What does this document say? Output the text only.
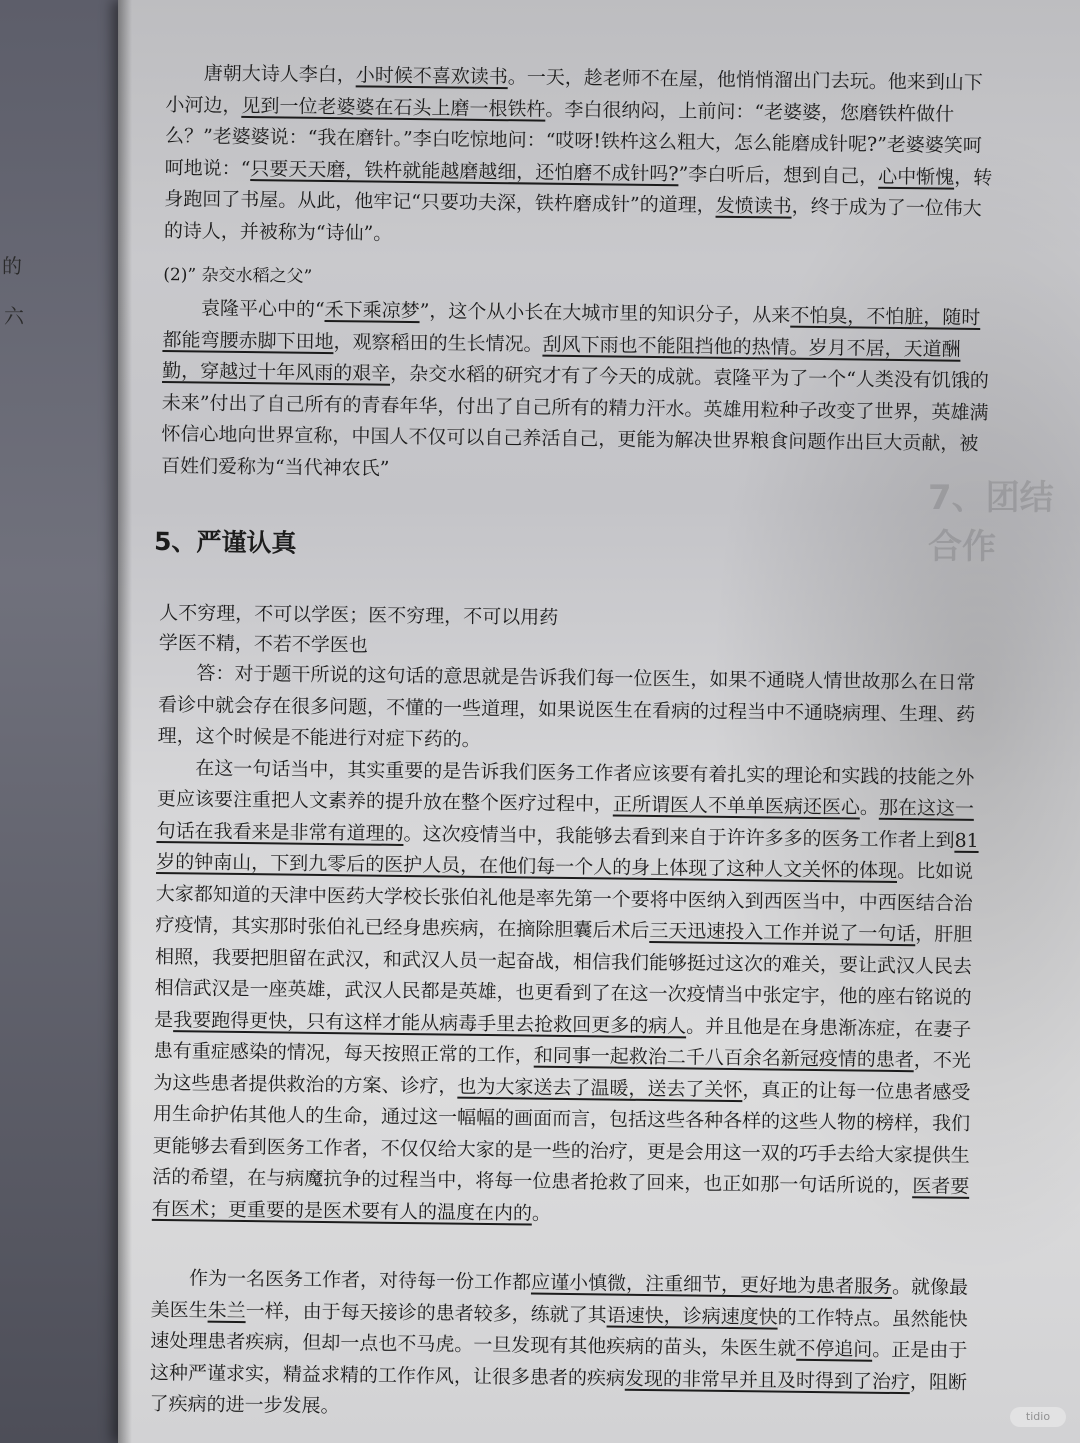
的
六
7、团结合作

唐朝大诗人李白，小时候不喜欢读书。一天，趁老师不在屋，他悄悄溜出门去玩。他来到山下小河边，见到一位老婆婆在石头上磨一根铁杵。李白很纳闷，上前问：“老婆婆，您磨铁杵做什么？”老婆婆说：“我在磨针。”李白吃惊地问：“哎呀!铁杵这么粗大，怎么能磨成针呢?”老婆婆笑呵呵地说：“只要天天磨，铁杵就能越磨越细，还怕磨不成针吗?”李白听后，想到自己，心中惭愧，转身跑回了书屋。从此，他牢记“只要功夫深，铁杵磨成针”的道理，发愤读书，终于成为了一位伟大的诗人，并被称为“诗仙”。

(2)” 杂交水稻之父”

袁隆平心中的“禾下乘凉梦”，这个从小长在大城市里的知识分子，从来不怕臭，不怕脏，随时都能弯腰赤脚下田地，观察稻田的生长情况。刮风下雨也不能阻挡他的热情。岁月不居，天道酬勤，穿越过十年风雨的艰辛，杂交水稻的研究才有了今天的成就。袁隆平为了一个“人类没有饥饿的未来”付出了自己所有的青春年华，付出了自己所有的精力汗水。英雄用粒种子改变了世界，英雄满怀信心地向世界宣称，中国人不仅可以自己养活自己，更能为解决世界粮食问题作出巨大贡献，被百姓们爱称为“当代神农氏”

5、严谨认真

人不穷理，不可以学医；医不穷理，不可以用药

学医不精，不若不学医也

答：对于题干所说的这句话的意思就是告诉我们每一位医生，如果不通晓人情世故那么在日常看诊中就会存在很多问题，不懂的一些道理，如果说医生在看病的过程当中不通晓病理、生理、药理，这个时候是不能进行对症下药的。

在这一句话当中，其实重要的是告诉我们医务工作者应该要有着扎实的理论和实践的技能之外更应该要注重把人文素养的提升放在整个医疗过程中，正所谓医人不单单医病还医心。那在这这一句话在我看来是非常有道理的。这次疫情当中，我能够去看到来自于许许多多的医务工作者上到81 岁的钟南山，下到九零后的医护人员，在他们每一个人的身上体现了这种人文关怀的体现。比如说大家都知道的天津中医药大学校长张伯礼他是率先第一个要将中医纳入到西医当中，中西医结合治疗疫情，其实那时张伯礼已经身患疾病，在摘除胆囊后术后三天迅速投入工作并说了一句话，肝胆相照，我要把胆留在武汉，和武汉人员一起奋战，相信我们能够挺过这次的难关，要让武汉人民去相信武汉是一座英雄，武汉人民都是英雄，也更看到了在这一次疫情当中张定宇，他的座右铭说的是我要跑得更快，只有这样才能从病毒手里去抢救回更多的病人。并且他是在身患渐冻症，在妻子患有重症感染的情况，每天按照正常的工作，和同事一起救治二千八百余名新冠疫情的患者，不光为这些患者提供救治的方案、诊疗，也为大家送去了温暖，送去了关怀，真正的让每一位患者感受用生命护佑其他人的生命，通过这一幅幅的画面而言，包括这些各种各样的这些人物的榜样，我们更能够去看到医务工作者，不仅仅给大家的是一些的治疗，更是会用这一双的巧手去给大家提供生活的希望，在与病魔抗争的过程当中，将每一位患者抢救了回来，也正如那一句话所说的，医者要有医术；更重要的是医术要有人的温度在内的。

作为一名医务工作者，对待每一份工作都应谨小慎微，注重细节，更好地为患者服务。就像最美医生朱兰一样，由于每天接诊的患者较多，练就了其语速快，诊病速度快的工作特点。虽然能快速处理患者疾病，但却一点也不马虎。一旦发现有其他疾病的苗头，朱医生就不停追问。正是由于这种严谨求实，精益求精的工作作风，让很多患者的疾病发现的非常早并且及时得到了治疗，阻断了疾病的进一步发展。	tidio
